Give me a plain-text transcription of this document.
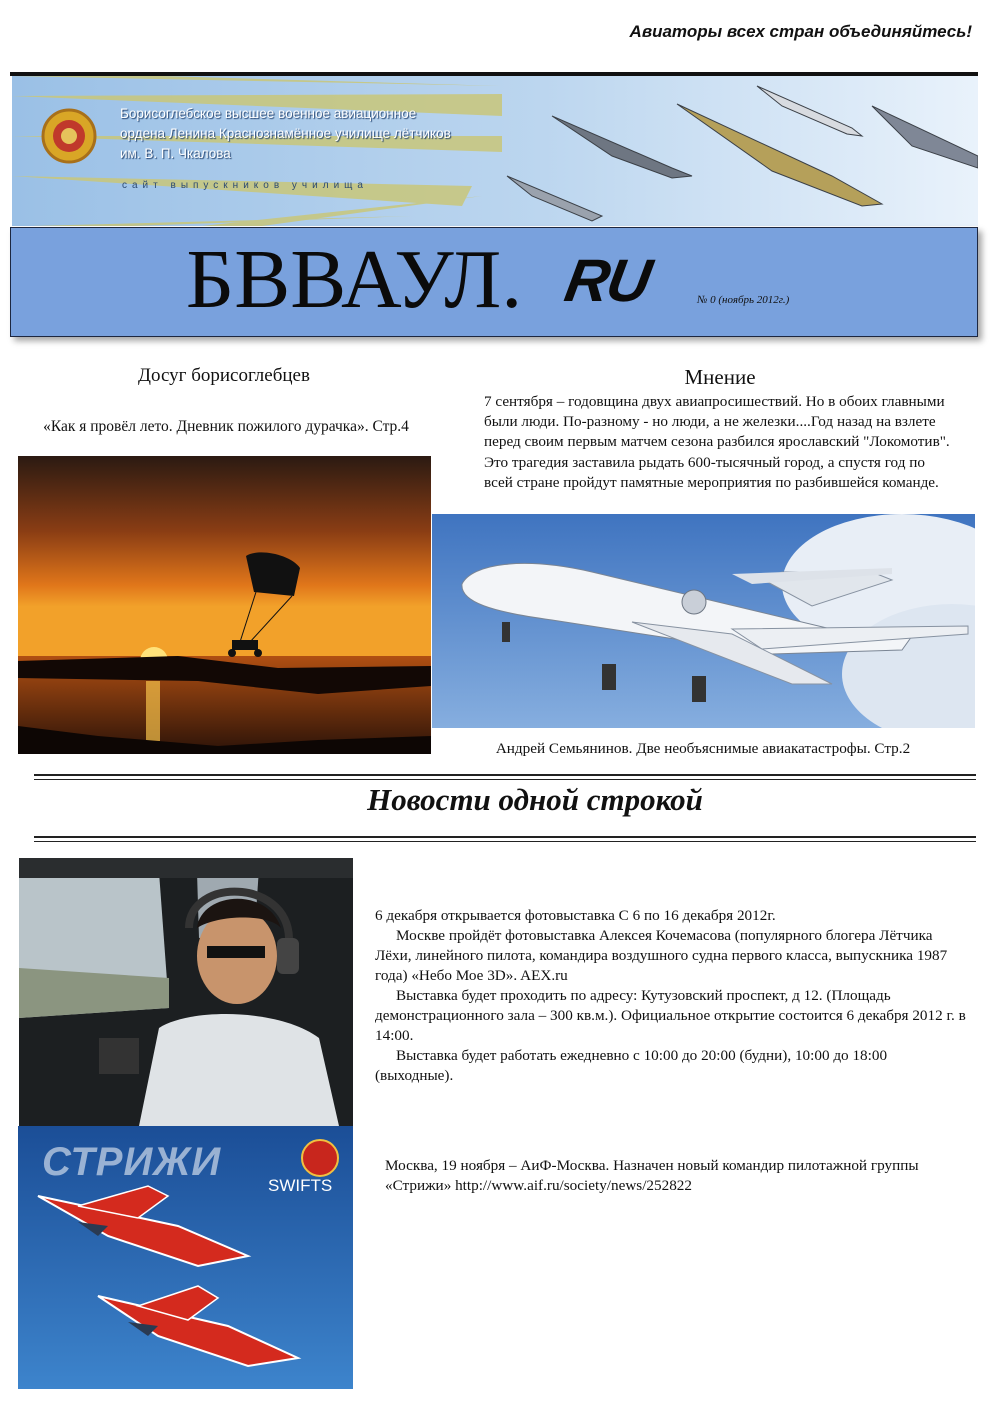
Авиаторы всех стран объединяйтесь!
Борисоглебское высшее военное авиационное
ордена Ленина Краснознамённое училище лётчиков
им. В. П. Чкалова
сайт выпускников училища
БВВАУЛ. RU	№ 0 (ноябрь 2012г.)
Досуг борисоглебцев
«Как я провёл лето. Дневник пожилого дурачка». Стр.4
Мнение
7 сентября – годовщина двух авиапросишествий. Но в обоих главными были люди. По-разному - но люди, а не железки....Год назад на взлете перед своим первым матчем сезона разбился ярославский "Локомотив". Это трагедия заставила рыдать 600-тысячный город, а спустя год по всей стране пройдут памятные мероприятия по разбившейся команде.
Андрей Семьянинов. Две необъяснимые авиакатастрофы. Стр.2
Новости одной строкой

6 декабря открывается фотовыставка С 6 по 16 декабря 2012г.

Москве пройдёт фотовыставка Алексея Кочемасова (популярного блогера Лётчика Лёхи, линейного пилота, командира воздушного судна первого класса, выпускника 1987 года) «Небо Мое 3D». AEX.ru

Выставка будет проходить по адресу: Кутузовский проспект, д 12. (Площадь демонстрационного зала – 300 кв.м.). Официальное открытие состоится 6 декабря 2012 г. в 14:00.

Выставка будет работать ежедневно с 10:00 до 20:00 (будни), 10:00 до 18:00 (выходные).

СТРИЖИ
SWIFTS
Москва, 19 ноября – АиФ-Москва. Назначен новый командир пилотажной группы «Стрижи» http://www.aif.ru/society/news/252822
